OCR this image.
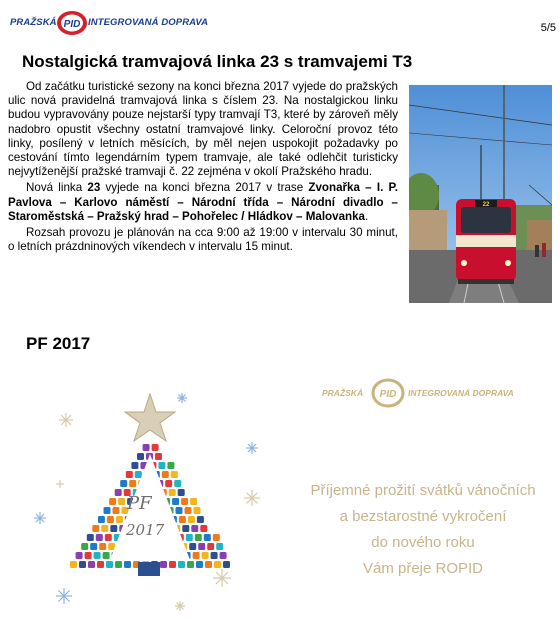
PRAŽSKÁ PID INTEGROVANÁ DOPRAVA	5/5
Nostalgická tramvajová linka 23 s tramvajemi T3

Od začátku turistické sezony na konci března 2017 vyjede do pražských ulic nová pravidelná tramvajová linka s číslem 23. Na nostalgickou linku budou vypravovány pouze nejstarší typy tramvají T3, které by zároveň měly nadobro opustit všechny ostatní tramvajové linky. Celoroční provoz této linky, posílený v letních měsících, by měl nejen uspokojit požadavky po cestování tímto legendárním typem tramvaje, ale také odlehčit turisticky nejvytíženější pražské tramvaji č. 22 zejména v okolí Pražského hradu.

Nová linka 23 vyjede na konci března 2017 v trase Zvonařka – I. P. Pavlova – Karlovo náměstí – Národní třída – Národní divadlo – Staroměstská – Pražský hrad – Pohořelec / Hládkov – Malovanka.

Rozsah provozu je plánován na cca 9:00 až 19:00 v intervalu 30 minut, o letních prázdninových víkendech v intervalu 15 minut.

22
PF 2017
PF
2017
PRAŽSKÁ PID INTEGROVANÁ DOPRAVA
Příjemné prožití svátků vánočních
a bezstarostné vykročení
do nového roku
Vám přeje ROPID
